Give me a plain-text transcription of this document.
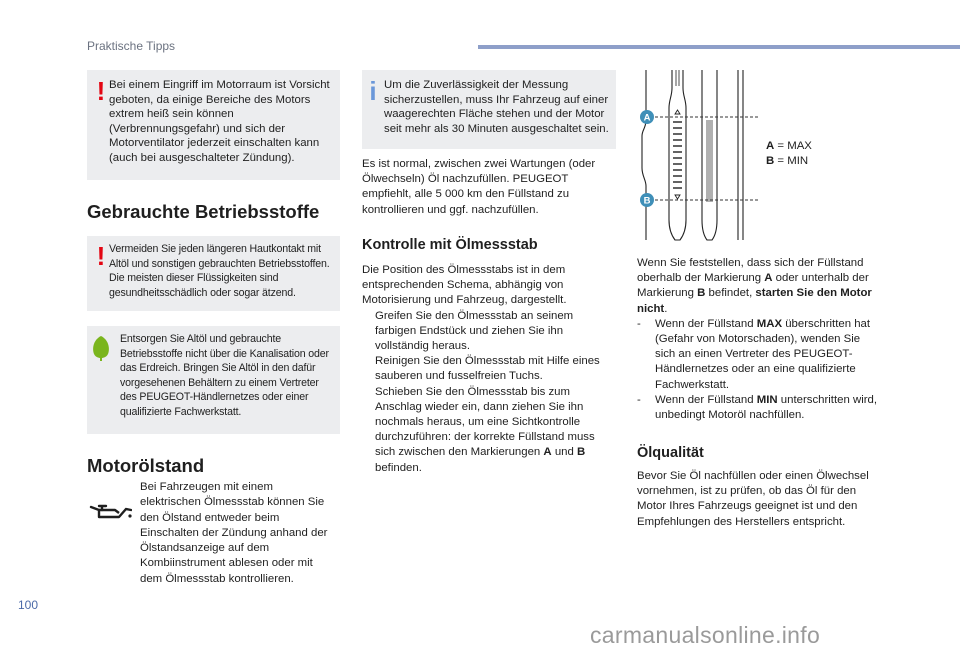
Praktische Tipps
! Bei einem Eingriff im Motorraum ist Vorsicht geboten, da einige Bereiche des Motors extrem heiß sein können (Verbrennungsgefahr) und sich der Motorventilator jederzeit einschalten kann (auch bei ausgeschalteter Zündung).
Gebrauchte Betriebsstoffe
! Vermeiden Sie jeden längeren Hautkontakt mit Altöl und sonstigen gebrauchten Betriebsstoffen. Die meisten dieser Flüssigkeiten sind gesundheitsschädlich oder sogar ätzend.
Entsorgen Sie Altöl und gebrauchte Betriebsstoffe nicht über die Kanalisation oder das Erdreich. Bringen Sie Altöl in den dafür vorgesehenen Behältern zu einem Vertreter des PEUGEOT-Händlernetzes oder einer qualifizierte Fachwerkstatt.
Motorölstand
Bei Fahrzeugen mit einem elektrischen Ölmessstab können Sie den Ölstand entweder beim Einschalten der Zündung anhand der Ölstandsanzeige auf dem Kombiinstrument ablesen oder mit dem Ölmessstab kontrollieren.
i Um die Zuverlässigkeit der Messung sicherzustellen, muss Ihr Fahrzeug auf einer waagerechten Fläche stehen und der Motor seit mehr als 30 Minuten ausgeschaltet sein.
Es ist normal, zwischen zwei Wartungen (oder Ölwechseln) Öl nachzufüllen. PEUGEOT empfiehlt, alle 5 000 km den Füllstand zu kontrollieren und ggf. nachzufüllen.
Kontrolle mit Ölmessstab
Die Position des Ölmessstabs ist in dem entsprechenden Schema, abhängig von Motorisierung und Fahrzeug, dargestellt.
Greifen Sie den Ölmessstab an seinem farbigen Endstück und ziehen Sie ihn vollständig heraus.
Reinigen Sie den Ölmessstab mit Hilfe eines sauberen und fusselfreien Tuchs.
Schieben Sie den Ölmessstab bis zum Anschlag wieder ein, dann ziehen Sie ihn nochmals heraus, um eine Sichtkontrolle durchzuführen: der korrekte Füllstand muss sich zwischen den Markierungen A und B befinden.
A
B
A = MAX
B = MIN
Wenn Sie feststellen, dass sich der Füllstand oberhalb der Markierung A oder unterhalb der Markierung B befindet, starten Sie den Motor nicht.
- Wenn der Füllstand MAX überschritten hat (Gefahr von Motorschaden), wenden Sie sich an einen Vertreter des PEUGEOT-Händlernetzes oder an eine qualifizierte Fachwerkstatt.
- Wenn der Füllstand MIN unterschritten wird, unbedingt Motoröl nachfüllen.
Ölqualität
Bevor Sie Öl nachfüllen oder einen Ölwechsel vornehmen, ist zu prüfen, ob das Öl für den Motor Ihres Fahrzeugs geeignet ist und den Empfehlungen des Herstellers entspricht.
100
carmanualsonline.info
